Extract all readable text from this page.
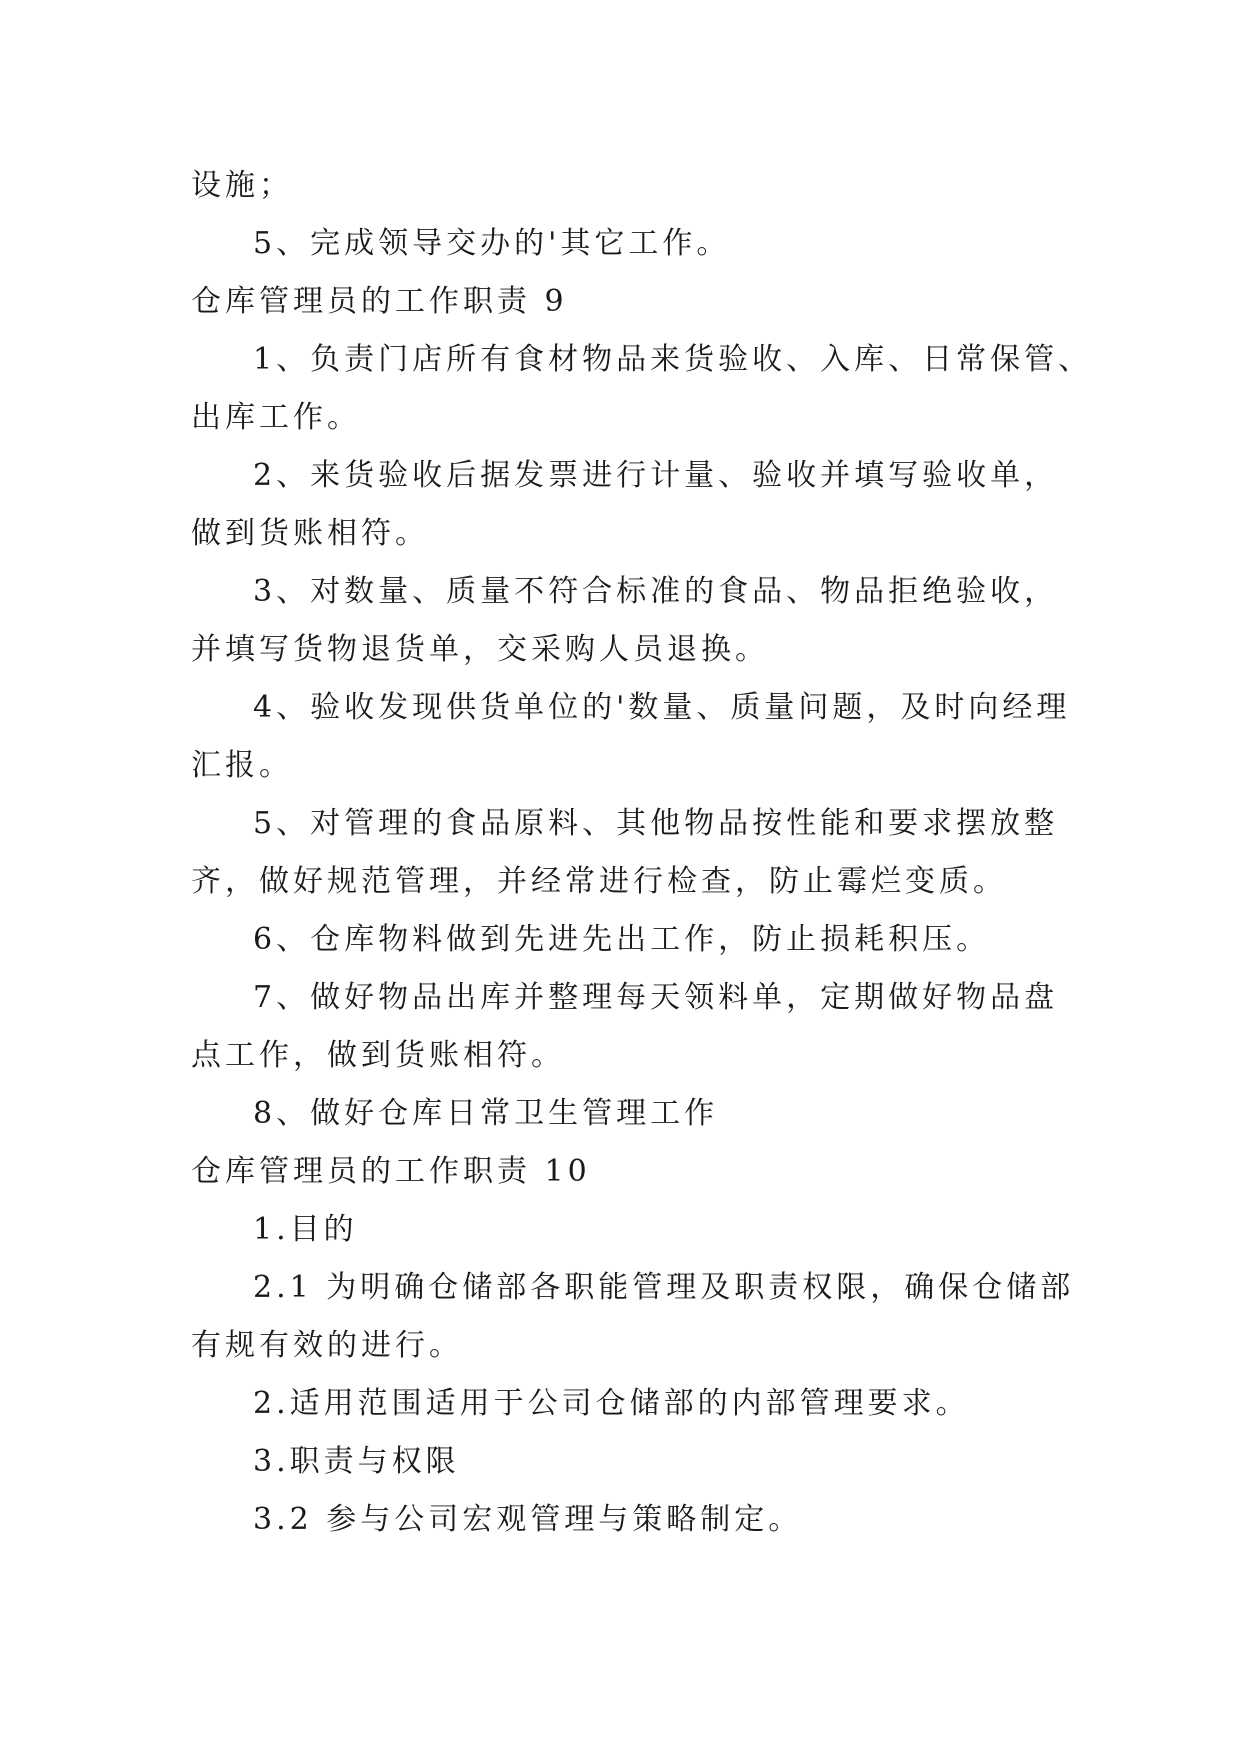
设施；
5、完成领导交办的'其它工作。
仓库管理员的工作职责 9
1、负责门店所有食材物品来货验收、入库、日常保管、
出库工作。
2、来货验收后据发票进行计量、验收并填写验收单，
做到货账相符。
3、对数量、质量不符合标准的食品、物品拒绝验收，
并填写货物退货单，交采购人员退换。
4、验收发现供货单位的'数量、质量问题，及时向经理
汇报。
5、对管理的食品原料、其他物品按性能和要求摆放整
齐，做好规范管理，并经常进行检查，防止霉烂变质。
6、仓库物料做到先进先出工作，防止损耗积压。
7、做好物品出库并整理每天领料单，定期做好物品盘
点工作，做到货账相符。
8、做好仓库日常卫生管理工作
仓库管理员的工作职责 10
1.目的
2.1 为明确仓储部各职能管理及职责权限，确保仓储部
有规有效的进行。
2.适用范围适用于公司仓储部的内部管理要求。
3.职责与权限
3.2 参与公司宏观管理与策略制定。
